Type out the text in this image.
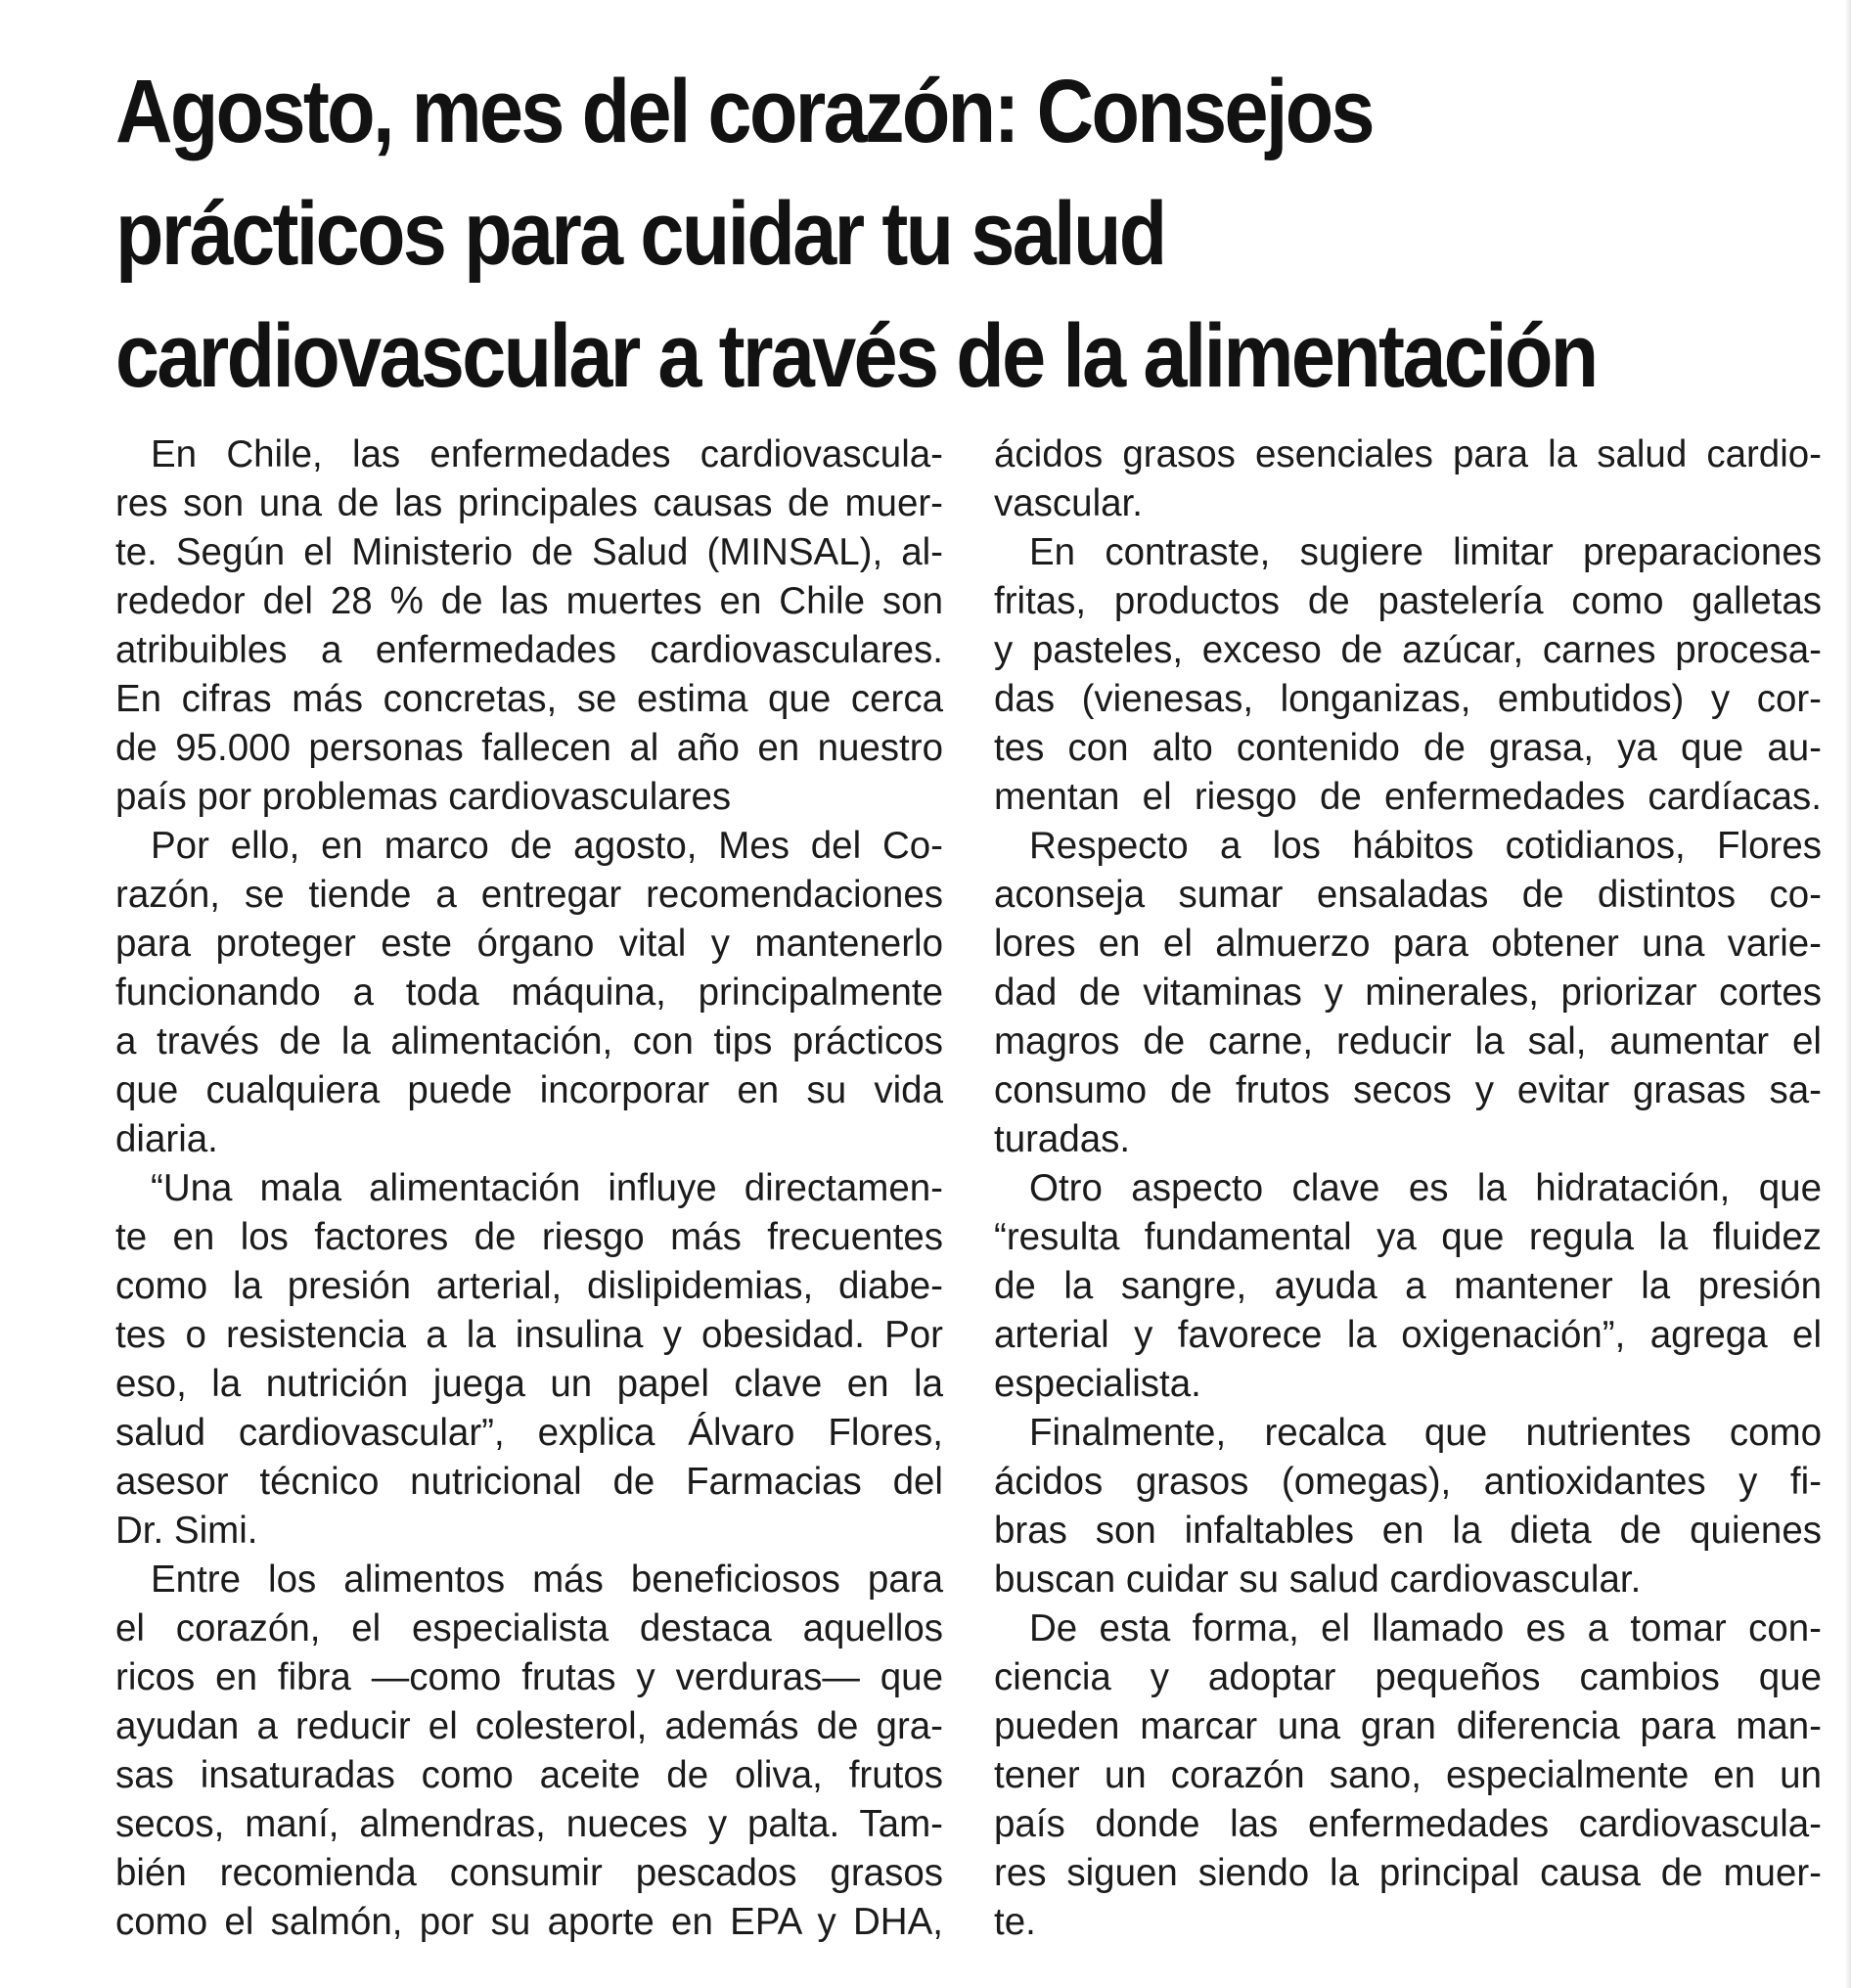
Agosto, mes del corazón: Consejos
prácticos para cuidar tu salud
cardiovascular a través de la alimentación
En Chile, las enfermedades cardiovascula-
res son una de las principales causas de muer-
te. Según el Ministerio de Salud (MINSAL), al-
rededor del 28 % de las muertes en Chile son
atribuibles a enfermedades cardiovasculares.
En cifras más concretas, se estima que cerca
de 95.000 personas fallecen al año en nuestro
país por problemas cardiovasculares
Por ello, en marco de agosto, Mes del Co-
razón, se tiende a entregar recomendaciones
para proteger este órgano vital y mantenerlo
funcionando a toda máquina, principalmente
a través de la alimentación, con tips prácticos
que cualquiera puede incorporar en su vida
diaria.
“Una mala alimentación influye directamen-
te en los factores de riesgo más frecuentes
como la presión arterial, dislipidemias, diabe-
tes o resistencia a la insulina y obesidad. Por
eso, la nutrición juega un papel clave en la
salud cardiovascular”, explica Álvaro Flores,
asesor técnico nutricional de Farmacias del
Dr. Simi.
Entre los alimentos más beneficiosos para
el corazón, el especialista destaca aquellos
ricos en fibra —como frutas y verduras— que
ayudan a reducir el colesterol, además de gra-
sas insaturadas como aceite de oliva, frutos
secos, maní, almendras, nueces y palta. Tam-
bién recomienda consumir pescados grasos
como el salmón, por su aporte en EPA y DHA,
ácidos grasos esenciales para la salud cardio-
vascular.
En contraste, sugiere limitar preparaciones
fritas, productos de pastelería como galletas
y pasteles, exceso de azúcar, carnes procesa-
das (vienesas, longanizas, embutidos) y cor-
tes con alto contenido de grasa, ya que au-
mentan el riesgo de enfermedades cardíacas.
Respecto a los hábitos cotidianos, Flores
aconseja sumar ensaladas de distintos co-
lores en el almuerzo para obtener una varie-
dad de vitaminas y minerales, priorizar cortes
magros de carne, reducir la sal, aumentar el
consumo de frutos secos y evitar grasas sa-
turadas.
Otro aspecto clave es la hidratación, que
“resulta fundamental ya que regula la fluidez
de la sangre, ayuda a mantener la presión
arterial y favorece la oxigenación”, agrega el
especialista.
Finalmente, recalca que nutrientes como
ácidos grasos (omegas), antioxidantes y fi-
bras son infaltables en la dieta de quienes
buscan cuidar su salud cardiovascular.
De esta forma, el llamado es a tomar con-
ciencia y adoptar pequeños cambios que
pueden marcar una gran diferencia para man-
tener un corazón sano, especialmente en un
país donde las enfermedades cardiovascula-
res siguen siendo la principal causa de muer-
te.
